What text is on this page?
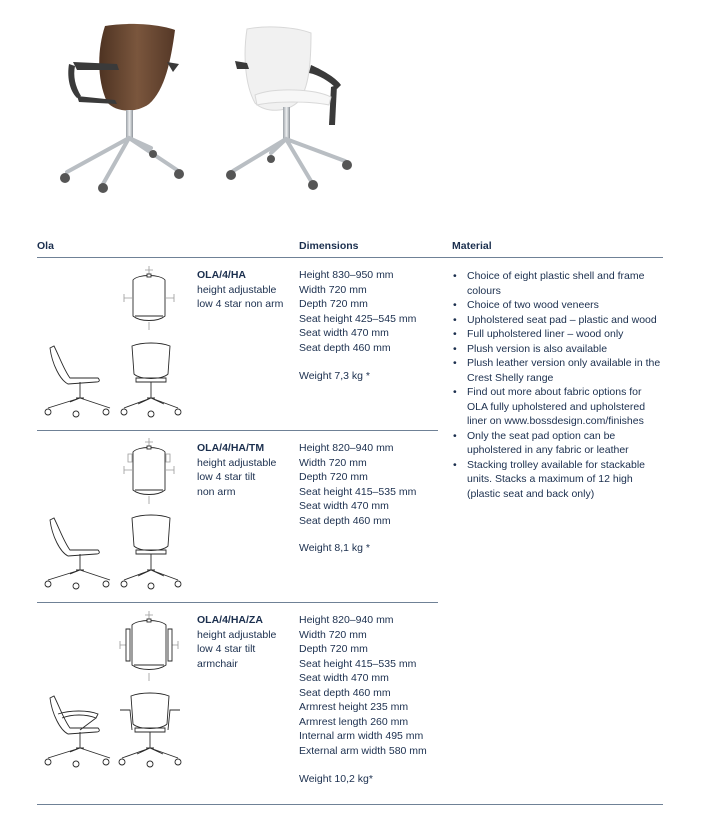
Ola	Dimensions	Material
OLA/4/HA
height adjustable
low 4 star non arm
Height 830–950 mm
Width 720 mm
Depth 720 mm
Seat height 425–545 mm
Seat width 470 mm
Seat depth 460 mm
Weight 7,3 kg *
OLA/4/HA/TM
height adjustable
low 4 star tilt
non arm
Height 820–940 mm
Width 720 mm
Depth 720 mm
Seat height 415–535 mm
Seat width 470 mm
Seat depth 460 mm
Weight 8,1 kg *
OLA/4/HA/ZA
height adjustable
low 4 star tilt
armchair
Height 820–940 mm
Width 720 mm
Depth 720 mm
Seat height 415–535 mm
Seat width 470 mm
Seat depth 460 mm
Armrest height 235 mm
Armrest length 260 mm
Internal arm width 495 mm
External arm width 580 mm
Weight 10,2 kg*
• Choice of eight plastic shell and frame
colours
• Choice of two wood veneers
• Upholstered seat pad – plastic and wood
• Full upholstered liner – wood only
• Plush version is also available
• Plush leather version only available in the
Crest Shelly range
• Find out more about fabric options for
OLA fully upholstered and upholstered
liner on www.bossdesign.com/finishes
• Only the seat pad option can be
upholstered in any fabric or leather
• Stacking trolley available for stackable
units. Stacks a maximum of 12 high
(plastic seat and back only)
